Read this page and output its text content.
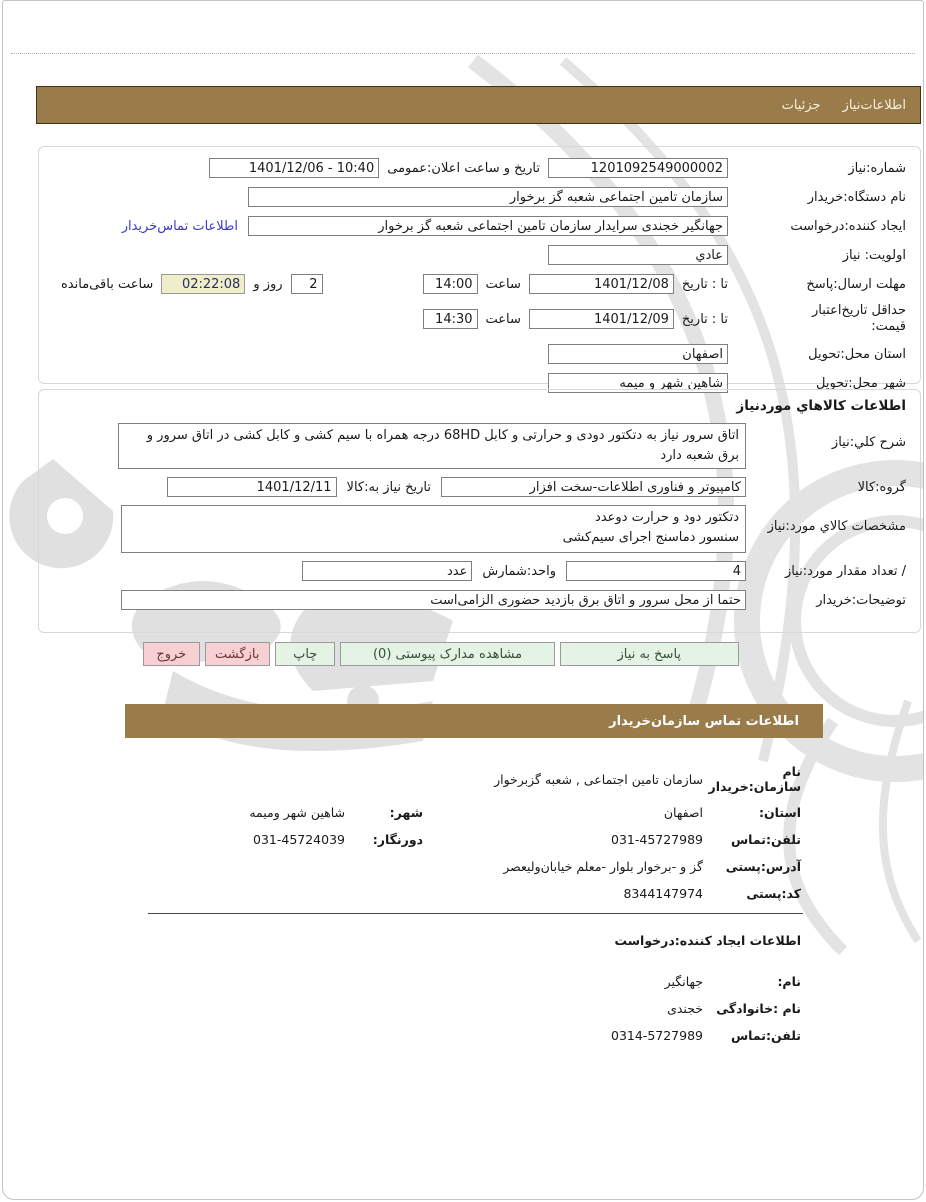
اطلاعات‌نیاز
جزئیات
شماره:نیاز
1201092549000002
تاریخ و ساعت اعلان:عمومی
1401/12/06 - 10:40
نام دستگاه:خریدار
سازمان تامین اجتماعی شعبه گز برخوار
ایجاد کننده:درخواست
جهانگیر خجندی سرایدار سازمان تامین اجتماعی شعبه گز برخوار
اطلاعات تماس‌خریدار
اولویت: نیاز
عادي
مهلت ارسال:پاسخ
تا : تاریخ
1401/12/08
ساعت
14:00
2
روز و
02:22:08
ساعت باقی‌مانده
حداقل تاریخ‌اعتبار
قیمت:
تا : تاریخ
1401/12/09
ساعت
14:30
استان محل:تحویل
اصفهان
شهر محل:تحویل
شاهین شهر و میمه
اطلاعات کالاهاي موردنیاز
شرح کلي:نیاز
اتاق سرور نیاز به دتکتور دودی و حرارتی و کابل 68HD درجه همراه با سیم کشی و کابل کشی در اتاق سرور و برق شعبه دارد
گروه:کالا
کامپیوتر و فناوری اطلاعات-سخت افزار
تاریخ نیاز به:کالا
1401/12/11
مشخصات کالاي مورد:نیاز
دتکتور دود و حرارت دوعدد
سنسور دماسنج اجرای سیم‌کشی
/ تعداد مقدار مورد:نیاز
4
واحد:شمارش
عدد
توضیحات:خریدار
حتما از محل سرور و اتاق برق بازدید حضوری الزامی‌است
پاسخ به نیاز
مشاهده مدارک پیوستی (0)
چاپ
بازگشت
خروج
اطلاعات تماس سازمان‌خریدار
نام سازمان:خریدار
سازمان تامین اجتماعی , شعبه گزبرخوار
استان:
اصفهان
شهر:
شاهین شهر ومیمه
تلفن:تماس
031-45727989
دورنگار:
031-45724039
آدرس:پستی
گز و -برخوار بلوار -معلم خیابان‌ولیعصر
کد:پستی
8344147974
اطلاعات ایجاد کننده:درخواست
نام:
جهانگیر
نام :خانوادگی
خجندی
تلفن:تماس
0314-5727989
